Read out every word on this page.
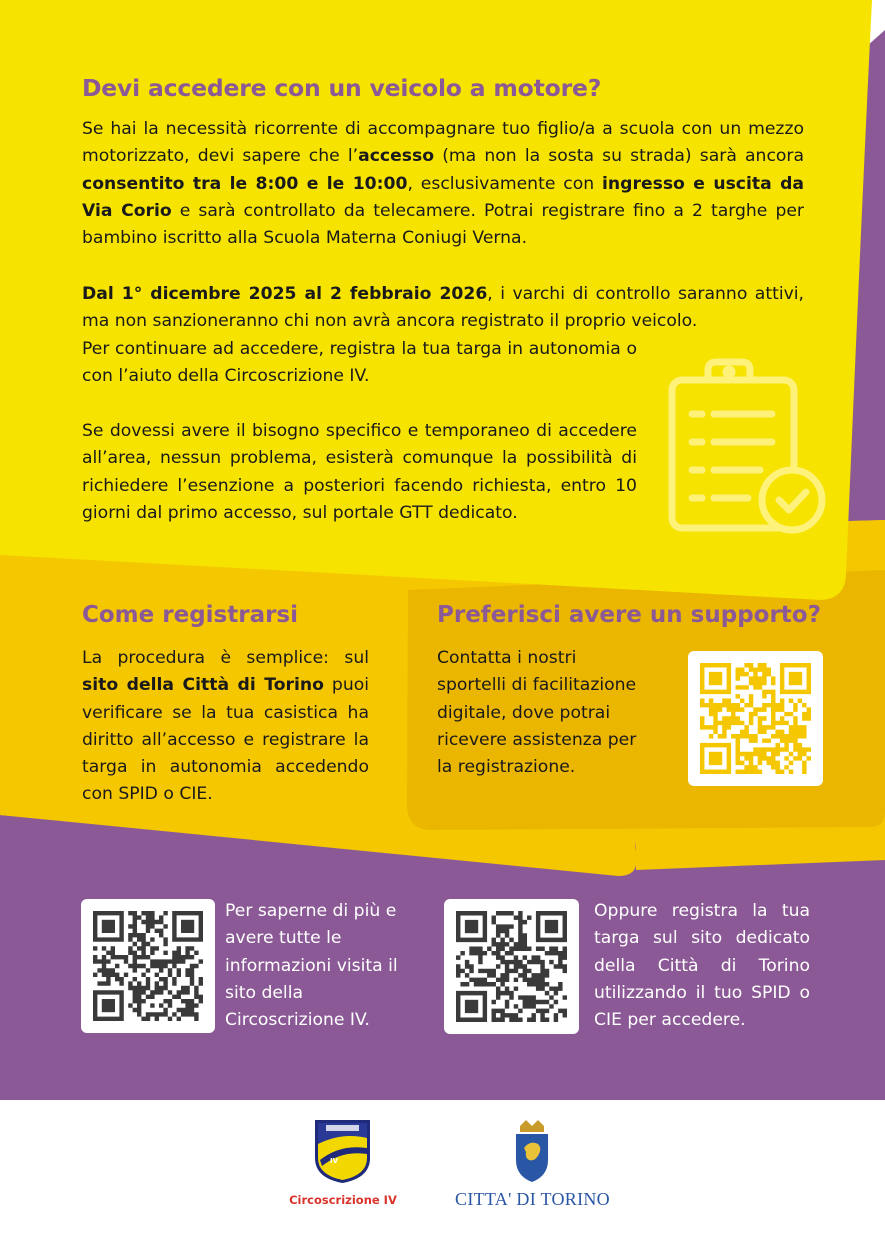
Devi accedere con un veicolo a motore?

Se hai la necessità ricorrente di accompagnare tuo figlio/a a scuola con un mezzo motorizzato, devi sapere che l’accesso (ma non la sosta su strada) sarà ancora consentito tra le 8:00 e le 10:00, esclusivamente con ingresso e uscita da Via Corio e sarà controllato da telecamere. Potrai registrare fino a 2 targhe per bambino iscritto alla Scuola Materna Coniugi Verna.

Dal 1° dicembre 2025 al 2 febbraio 2026, i varchi di controllo saranno attivi, ma non sanzioneranno chi non avrà ancora registrato il proprio veicolo.

Per continuare ad accedere, registra la tua targa in autonomia o con l’aiuto della Circoscrizione IV.

Se dovessi avere il bisogno specifico e temporaneo di accedere all’area, nessun problema, esisterà comunque la possibilità di richiedere l’esenzione a posteriori facendo richiesta, entro 10 giorni dal primo accesso, sul portale GTT dedicato.

Come registrarsi

La procedura è semplice: sul sito della Città di Torino puoi verificare se la tua casistica ha diritto all’accesso e registrare la targa in autonomia accedendo con SPID o CIE.

Preferisci avere un supporto?

Contatta i nostri sportelli di facilitazione digitale, dove potrai ricevere assistenza per la registrazione.

Per saperne di più e avere tutte le informazioni visita il sito della Circoscrizione IV.

Oppure registra la tua targa sul sito dedicato della Città di Torino utilizzando il tuo SPID o CIE per accedere.

IV
Circoscrizione IV	CITTA' DI TORINO
